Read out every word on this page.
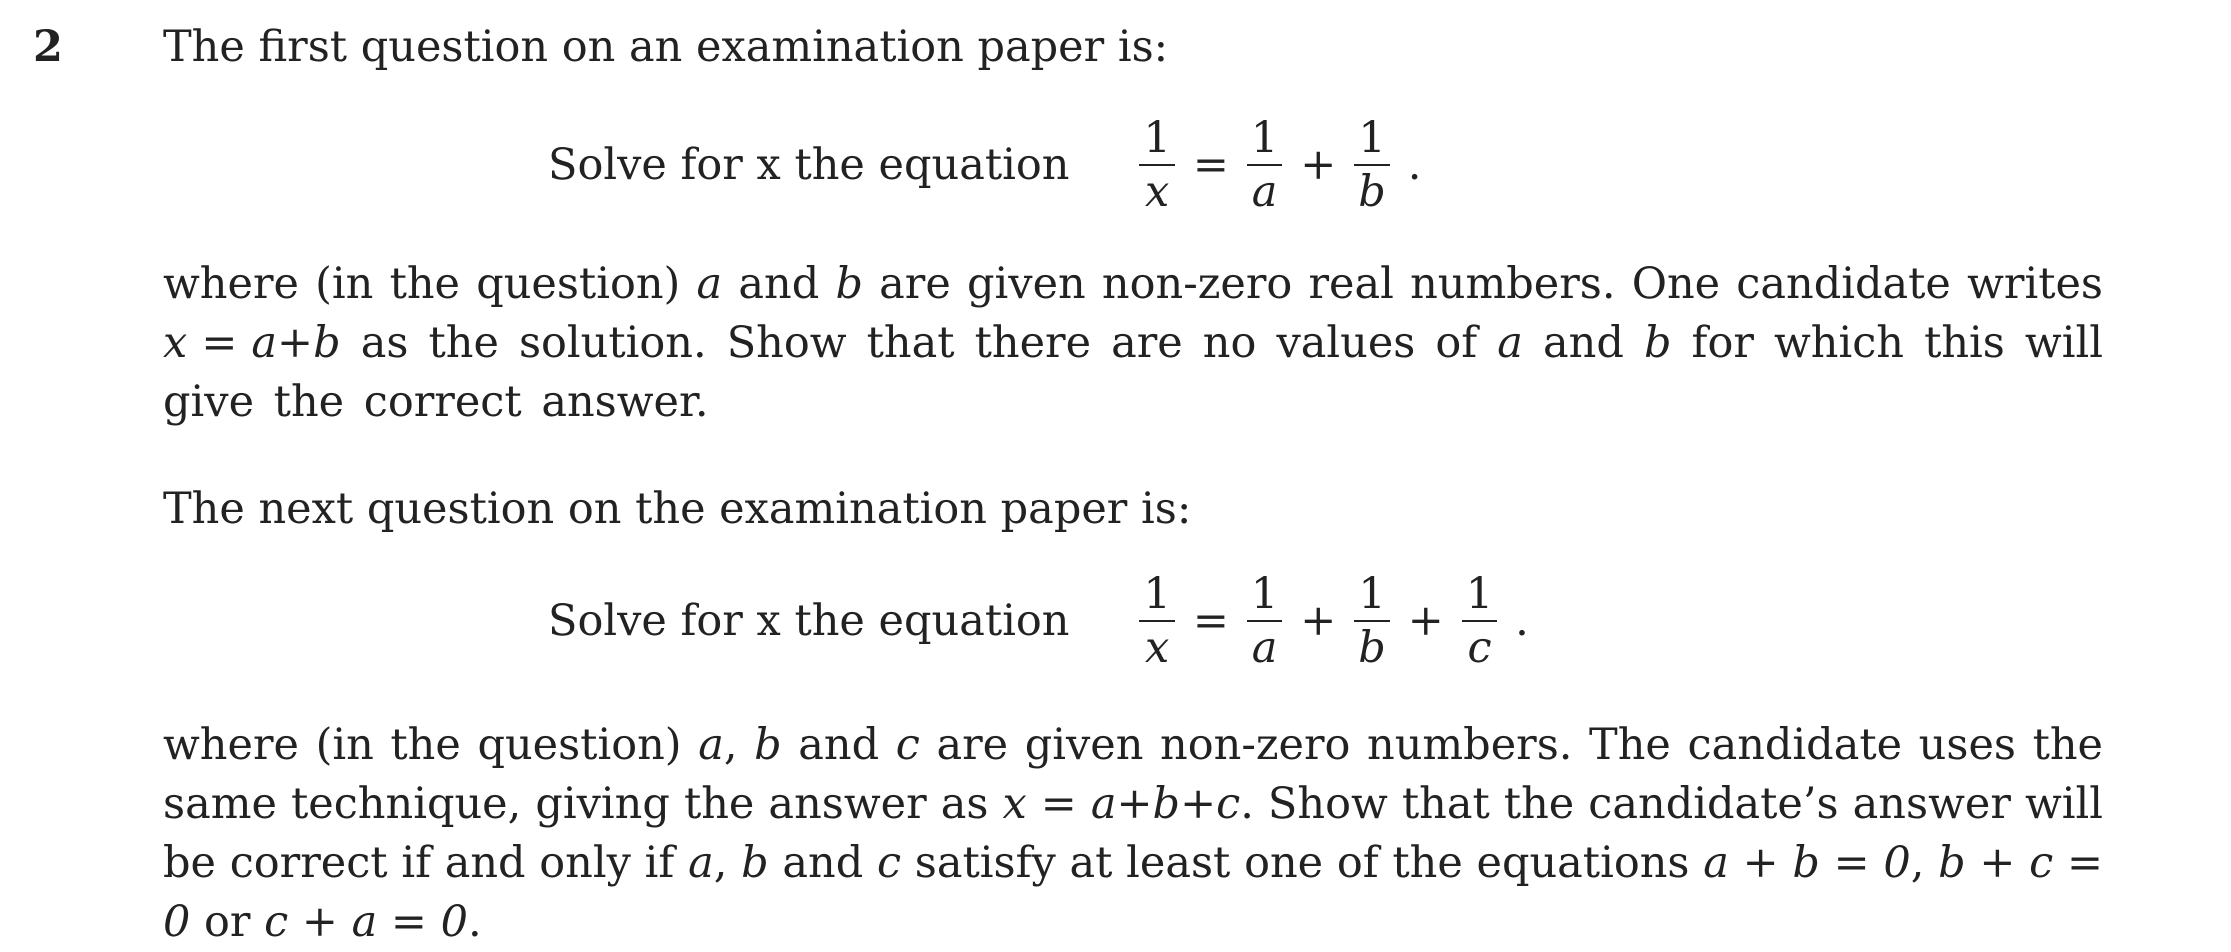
2 The first question on an examination paper is:
Solve for x the equation $\frac{1}{x} = \frac{1}{a} + \frac{1}{b}$ .
where (in the question) a and b are given non-zero real numbers. One candidate writes x = a+b as the solution. Show that there are no values of a and b for which this will give the correct answer.
The next question on the examination paper is:
Solve for x the equation $\frac{1}{x} = \frac{1}{a} + \frac{1}{b} + \frac{1}{c}$ .
where (in the question) a, b and c are given non-zero numbers. The candidate uses the same technique, giving the answer as x = a+b+c. Show that the candidate’s answer will be correct if and only if a, b and c satisfy at least one of the equations a + b = 0, b + c = 0 or c + a = 0.
